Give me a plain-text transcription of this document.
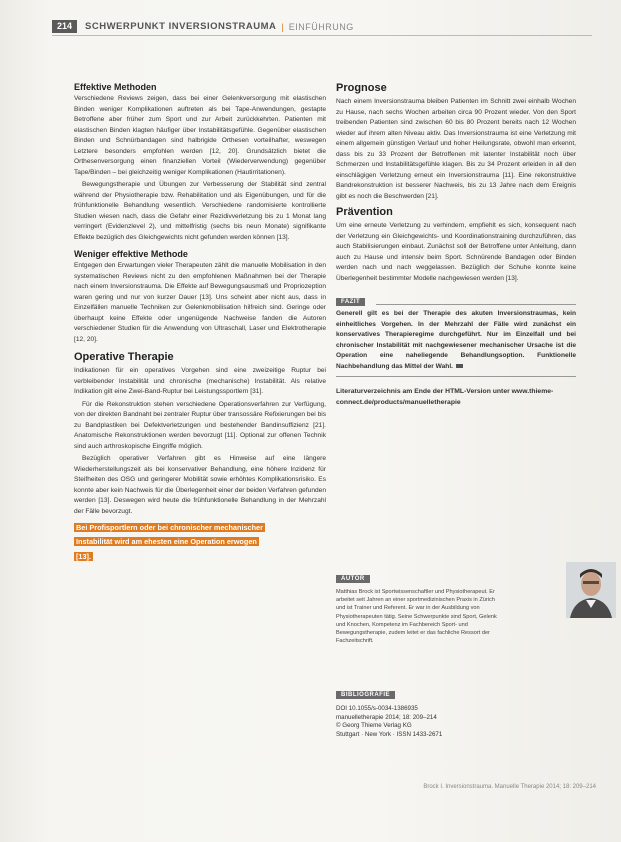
214	SCHWERPUNKT INVERSIONSTRAUMA | EINFÜHRUNG
Effektive Methoden

Verschiedene Reviews zeigen, dass bei einer Gelenkversorgung mit elastischen Binden weniger Komplikationen auftreten als bei Tape-Anwendungen, gestapte Betroffene aber früher zum Sport und zur Arbeit zurückkehrten. Patienten mit elastischen Binden klagten häufiger über Instabilitätsgefühle. Gegenüber elastischen Binden und Schnürbandagen sind halbrigide Orthesen vorteilhafter, weswegen Letztere besonders empfohlen werden [12, 20]. Grundsätzlich bietet die Orthesenversorgung einen finanziellen Vorteil (Wiederverwendung) gegenüber Tape/Binden – bei gleichzeitig weniger Komplikationen (Hautirritationen).

Bewegungstherapie und Übungen zur Verbesserung der Stabilität sind zentral während der Physiotherapie bzw. Rehabilitation und als Eigenübungen, und für die frühfunktionelle Behandlung wesentlich. Verschiedene randomisierte kontrollierte Studien wiesen nach, dass die Gefahr einer Rezidivverletzung bis zu 1 Monat lang verringert (Evidenzlevel 2), und mittelfristig (sechs bis neun Monate) signifikante Effekte bezüglich des Gleichgewichts nicht gefunden werden können [13].

Weniger effektive Methode

Entgegen den Erwartungen vieler Therapeuten zählt die manuelle Mobilisation in den systematischen Reviews nicht zu den empfohlenen Maßnahmen bei der Therapie nach einem Inversionstrauma. Die Effekte auf Bewegungsausmaß und Propriozeption waren gering und nur von kurzer Dauer [13]. Uns scheint aber nicht aus, dass in Einzelfällen manuelle Techniken zur Gelenkmobilisation hilfreich sind. Geringe oder überhaupt keine Effekte oder ungenügende Nachweise fanden die Autoren verschiedener Studien für die Anwendung von Ultraschall, Laser und Elektrotherapie [12, 20].

Operative Therapie

Indikationen für ein operatives Vorgehen sind eine zweizeitige Ruptur bei verbleibender Instabilität und chronische (mechanische) Instabilität. Als relative Indikation gilt eine Zwei-Band-Ruptur bei Leistungssportlern [31].

Für die Rekonstruktion stehen verschiedene Operationsverfahren zur Verfügung, von der direkten Bandnaht bei zentraler Ruptur über transossäre Refixierungen bei bis zu Bandplastiken bei Defektverletzungen und bestehender Bandinsuffizienz [21]. Anatomische Rekonstruktionen werden bevorzugt [11]. Optional zur offenen Technik sind auch arthroskopische Eingriffe möglich.

Bezüglich operativer Verfahren gibt es Hinweise auf eine längere Wiederherstellungszeit als bei konservativer Behandlung, eine höhere Inzidenz für Steifheiten des OSG und geringerer Mobilität sowie erhöhtes Komplikationsrisiko. Es konnte aber kein Nachweis für die Überlegenheit einer der beiden Verfahren gefunden werden [13]. Deswegen wird heute die frühfunktionelle Behandlung in der Mehrzahl der Fälle bevorzugt.

Bei Profisportlern oder bei chronischer mechanischer Instabilität wird am ehesten eine Operation erwogen [13].
Prognose

Nach einem Inversionstrauma bleiben Patienten im Schnitt zwei einhalb Wochen zu Hause, nach sechs Wochen arbeiten circa 90 Prozent wieder. Von den Sport treibenden Patienten sind zwischen 60 bis 80 Prozent bereits nach 12 Wochen wieder auf ihrem alten Niveau aktiv. Das Inversionstrauma ist eine Verletzung mit einem allgemein günstigen Verlauf und hoher Heilungsrate, obwohl man erkennt, dass bis zu 33 Prozent der Betroffenen mit latenter Instabilität noch über Schmerzen und Instabilitätsgefühle klagen. Bis zu 34 Prozent erleiden in all den einschlägigen Verletzung erneut ein Inversionstrauma [11]. Eine rekonstruktive Bandrekonstruktion ist besserer Nachweis, bis zu 13 Jahre nach dem Ereignis gibt es noch die Beschwerden [21].

Prävention

Um eine erneute Verletzung zu verhindern, empfiehlt es sich, konsequent nach der Verletzung ein Gleichgewichts- und Koordinationstraining durchzuführen, das auch Stabilisierungen einbaut. Zunächst soll der Betroffene unter Anleitung, dann auch zu Hause und intensiv beim Sport. Schnürende Bandagen oder Binden werden nach und nach weggelassen. Bezüglich der Schuhe konnte keine Überlegenheit bestimmter Modelle nachgewiesen werden [13].

FAZIT

Generell gilt es bei der Therapie des akuten Inversionstraumas, kein einheitliches Vorgehen. In der Mehrzahl der Fälle wird zunächst ein konservatives Therapieregime durchgeführt. Nur im Einzelfall und bei chronischer Instabilität mit nachgewiesener mechanischer Ursache ist die Operation eine naheliegende Behandlungsoption. Funktionelle Nachbehandlung das Mittel der Wahl.

Literaturverzeichnis am Ende der HTML-Version unter www.thieme-connect.de/products/manuelletherapie
AUTOR
Matthias Brock ist Sportwissenschaftler und Physiotherapeut. Er arbeitet seit Jahren an einer sportmedizinischen Praxis in Zürich und ist Trainer und Referent. Er war in der Ausbildung von Physiotherapeuten tätig. Seine Schwerpunkte sind Sport, Gelenk und Knochen, Kompetenz im Fachbereich Sport- und Bewegungstherapie, zudem leitet er das fachliche Ressort der Fachzeitschrift.
BIBLIOGRAFIE
DOI 10.1055/s-0034-1386935
manuelletherapie 2014; 18: 209–214
© Georg Thieme Verlag KG
Stuttgart · New York · ISSN 1433-2671
Brock I. Inversionstrauma. Manuelle Therapie 2014; 18: 209–214
